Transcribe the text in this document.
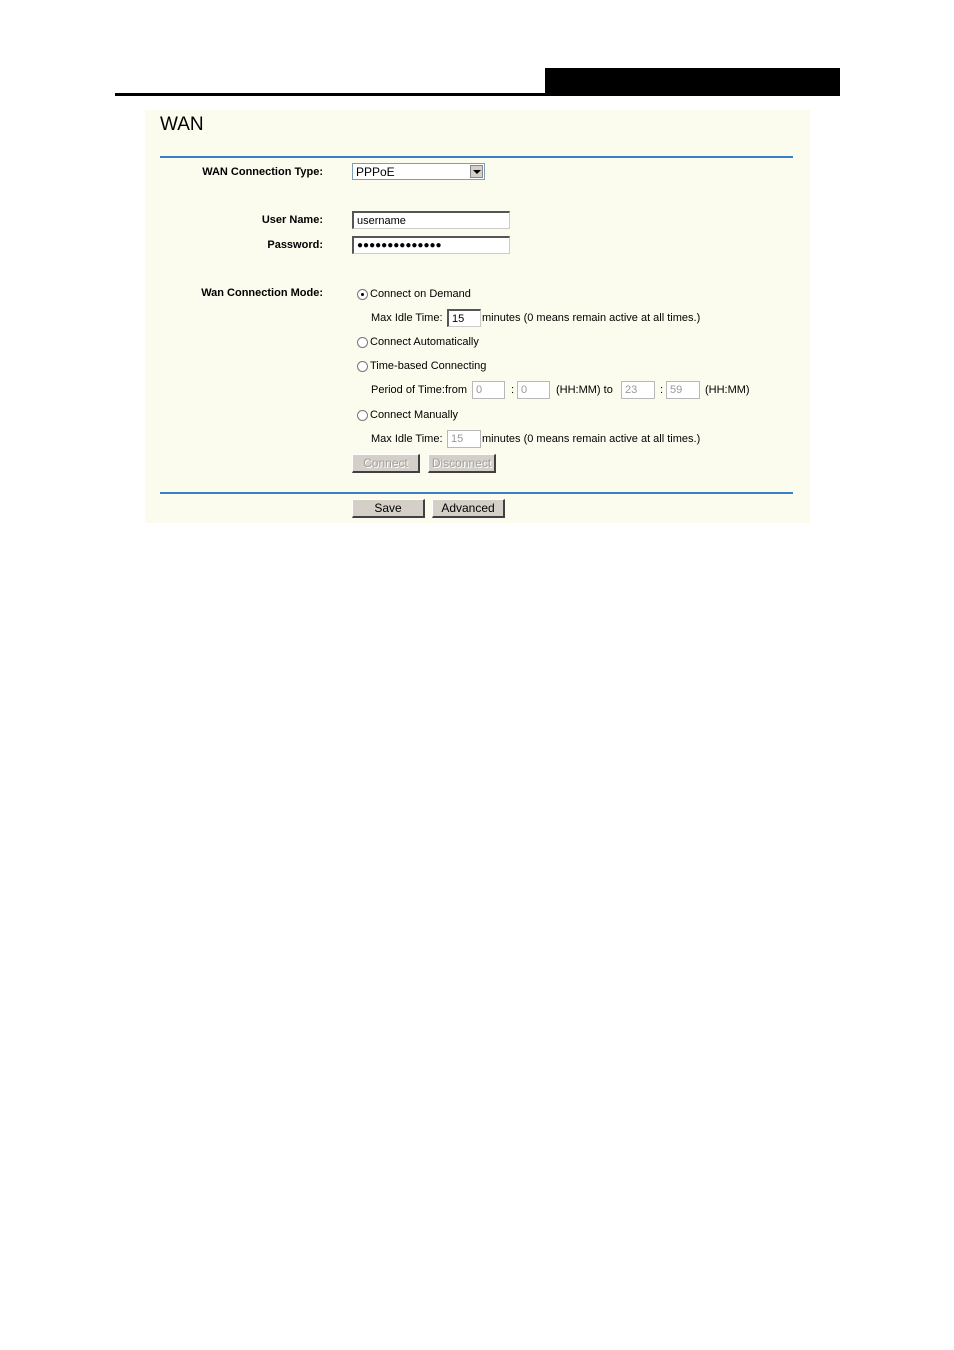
WAN
WAN Connection Type:	PPPoE
User Name:	username
Password:	●●●●●●●●●●●●●●
Wan Connection Mode:	Connect on Demand
Max Idle Time: 15	minutes (0 means remain active at all times.)
Connect Automatically
Time-based Connecting
Period of Time:from 0	: 0	(HH:MM) to	23	: 59	(HH:MM)
Connect Manually
Max Idle Time: 15	minutes (0 means remain active at all times.)
Connect	Disconnect
Save	Advanced
